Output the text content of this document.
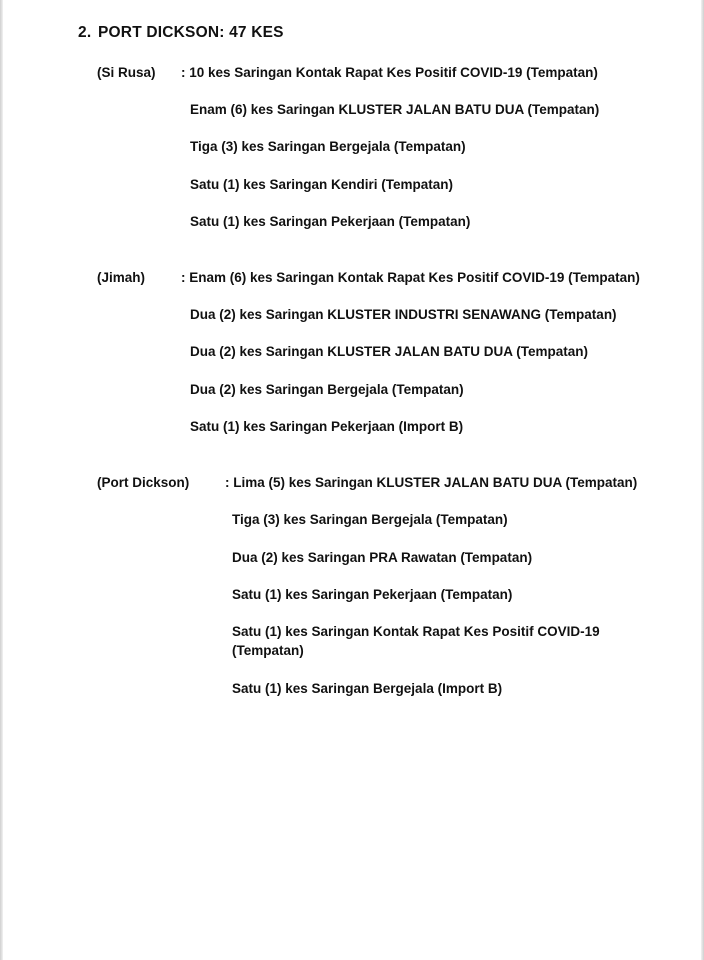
2. PORT DICKSON: 47 KES
(Si Rusa) : 10 kes Saringan Kontak Rapat Kes Positif COVID-19 (Tempatan)
Enam (6) kes Saringan KLUSTER JALAN BATU DUA (Tempatan)
Tiga (3) kes Saringan Bergejala (Tempatan)
Satu (1) kes Saringan Kendiri (Tempatan)
Satu (1) kes Saringan Pekerjaan (Tempatan)
(Jimah)	: Enam (6) kes Saringan Kontak Rapat Kes Positif COVID-19 (Tempatan)
Dua (2) kes Saringan KLUSTER INDUSTRI SENAWANG (Tempatan)
Dua (2) kes Saringan KLUSTER JALAN BATU DUA (Tempatan)
Dua (2) kes Saringan Bergejala (Tempatan)
Satu (1) kes Saringan Pekerjaan (Import B)
(Port Dickson)	: Lima (5) kes Saringan KLUSTER JALAN BATU DUA (Tempatan)
Tiga (3) kes Saringan Bergejala (Tempatan)
Dua (2) kes Saringan PRA Rawatan (Tempatan)
Satu (1) kes Saringan Pekerjaan (Tempatan)
Satu (1) kes Saringan Kontak Rapat Kes Positif COVID-19 (Tempatan)
Satu (1) kes Saringan Bergejala (Import B)
